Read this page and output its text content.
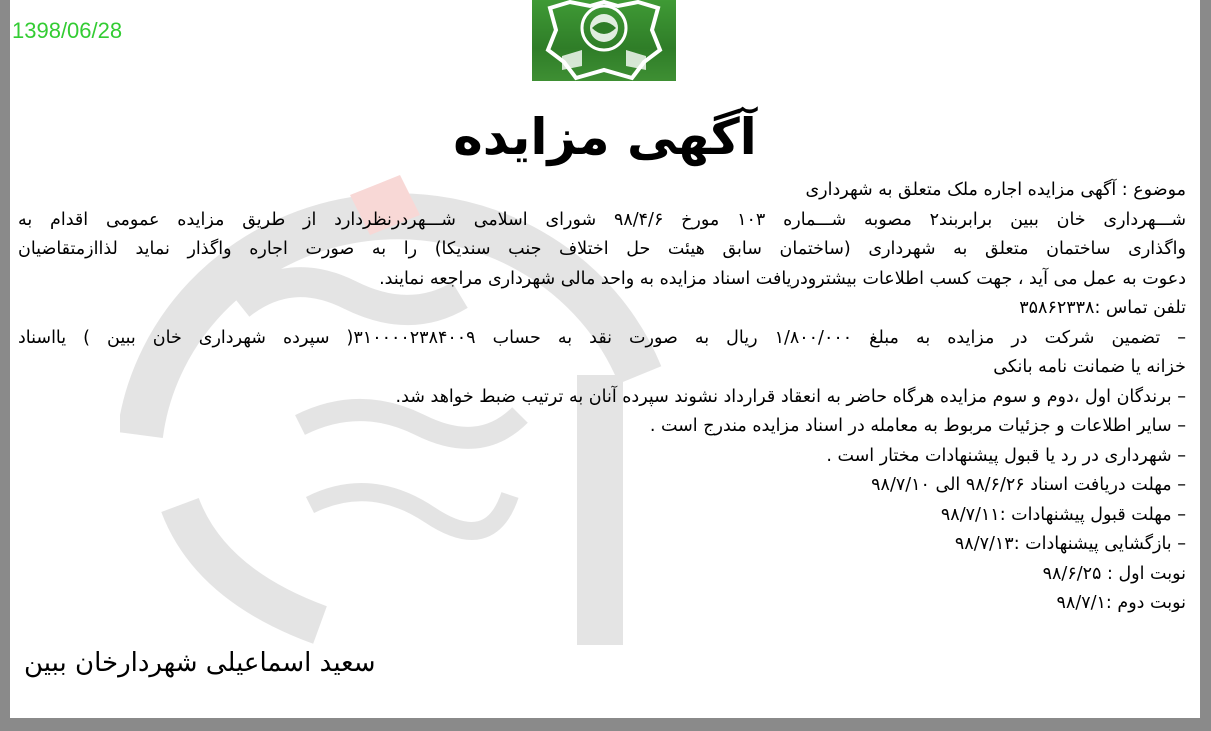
1398/06/28
آگهی مزایده
موضوع : آگهی مزایده اجاره ملک متعلق به شهرداری
شـــهرداری خان ببین برابربند۲ مصوبه شـــماره ۱۰۳ مورخ ۹۸/۴/۶ شورای اسلامی شـــهردرنظردارد از طریق مزایده عمومی اقدام به
واگذاری ساختمان متعلق به شهرداری (ساختمان سابق هیئت حل اختلاف جنب سندیکا) را به صورت اجاره واگذار نماید لذاازمتقاضیان
دعوت به عمل می آید ، جهت کسب اطلاعات بیشترودریافت اسناد مزایده به واحد مالی شهرداری مراجعه نمایند.
تلفن تماس :۳۵۸۶۲۳۳۸
– تضمین شرکت در مزایده به مبلغ ۱/۸۰۰/۰۰۰ ریال به صورت نقد به حساب ۳۱۰۰۰۰۲۳۸۴۰۰۹( سپرده شهرداری خان ببین ) یااسناد
خزانه یا ضمانت نامه بانکی
– برندگان اول ،دوم و سوم مزایده هرگاه حاضر به انعقاد قرارداد نشوند سپرده آنان به ترتیب ضبط خواهد شد.
– سایر اطلاعات و جزئیات مربوط به معامله در اسناد مزایده مندرج است .
– شهرداری در رد یا قبول پیشنهادات مختار است .
– مهلت دریافت اسناد ۹۸/۶/۲۶ الی ۹۸/۷/۱۰
– مهلت قبول پیشنهادات :۹۸/۷/۱۱
– بازگشایی پیشنهادات :۹۸/۷/۱۳
نوبت اول : ۹۸/۶/۲۵
نوبت دوم :۹۸/۷/۱
سعید اسماعیلی شهردارخان ببین
